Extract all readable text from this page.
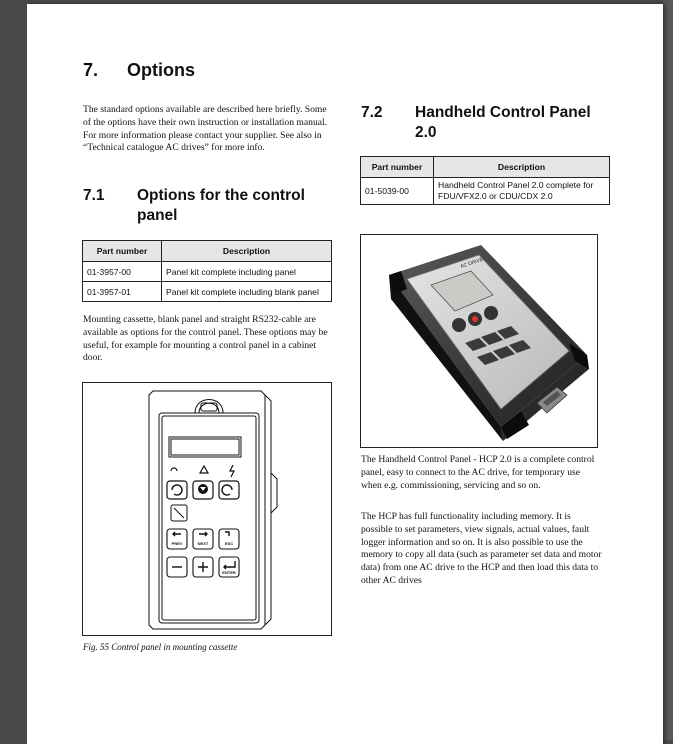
7. Options

The standard options available are described here briefly. Some of the options have their own instruction or installation manual. For more information please contact your supplier. See also in “Technical catalogue AC drives” for more info.

7.1 Options for the control
panel
Part number	Description
01-3957-00	Panel kit complete including panel
01-3957-01	Panel kit complete including blank panel

Mounting cassette, blank panel and straight RS232-cable are available as options for the control panel. These options may be useful, for example for mounting a control panel in a cabinet door.

PREV	NEXT	ESC
ENTER
Fig. 55 Control panel in mounting cassette
7.2 Handheld Control Panel
2.0
Part number	Description
01-5039-00	Handheld Control Panel 2.0 complete for
FDU/VFX2.0 or CDU/CDX 2.0
AC DRIVE

The Handheld Control Panel - HCP 2.0 is a complete control panel, easy to connect to the AC drive, for temporary use when e.g. commissioning, servicing and so on.

The HCP has full functionality including memory. It is possible to set parameters, view signals, actual values, fault logger information and so on. It is also possible to use the memory to copy all data (such as parameter set data and motor data) from one AC drive to the HCP and then load this data to other AC drives
